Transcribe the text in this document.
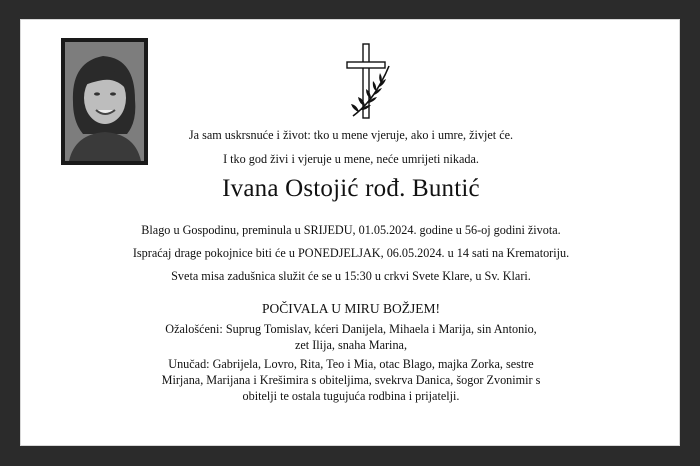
Ja sam uskrsnuće i život: tko u mene vjeruje, ako i umre, živjet će.
I tko god živi i vjeruje u mene, neće umrijeti nikada.
Ivana Ostojić rođ. Buntić
Blago u Gospodinu, preminula u SRIJEDU, 01.05.2024. godine u 56-oj godini života.
Ispraćaj drage pokojnice biti će u PONEDJELJAK, 06.05.2024. u 14 sati na Krematoriju.
Sveta misa zadušnica služit će se u 15:30 u crkvi Svete Klare, u Sv. Klari.
POČIVALA U MIRU BOŽJEM!
Ožalošćeni: Suprug Tomislav, kćeri Danijela, Mihaela i Marija, sin Antonio,
zet Ilija, snaha Marina,
Unučad: Gabrijela, Lovro, Rita, Teo i Mia, otac Blago, majka Zorka, sestre
Mirjana, Marijana i Krešimira s obiteljima, svekrva Danica, šogor Zvonimir s
obitelji te ostala tugujuća rodbina i prijatelji.
